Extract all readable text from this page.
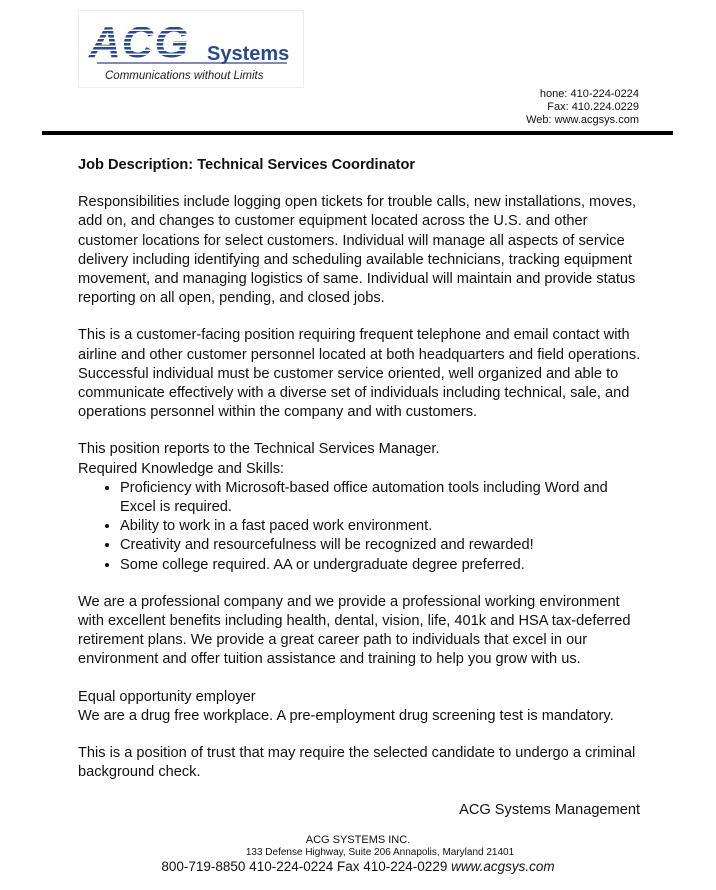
ACG Systems
Communications without Limits
hone: 410-224-0224
Fax: 410.224.0229
Web: www.acgsys.com
Job Description: Technical Services Coordinator
Responsibilities include logging open tickets for trouble calls, new installations, moves,
add on, and changes to customer equipment located across the U.S. and other
customer locations for select customers. Individual will manage all aspects of service
delivery including identifying and scheduling available technicians, tracking equipment
movement, and managing logistics of same. Individual will maintain and provide status
reporting on all open, pending, and closed jobs.
This is a customer-facing position requiring frequent telephone and email contact with
airline and other customer personnel located at both headquarters and field operations.
Successful individual must be customer service oriented, well organized and able to
communicate effectively with a diverse set of individuals including technical, sale, and
operations personnel within the company and with customers.
This position reports to the Technical Services Manager.
Required Knowledge and Skills:
• Proficiency with Microsoft-based office automation tools including Word and Excel is required.
• Ability to work in a fast paced work environment.
• Creativity and resourcefulness will be recognized and rewarded!
• Some college required. AA or undergraduate degree preferred.
We are a professional company and we provide a professional working environment
with excellent benefits including health, dental, vision, life, 401k and HSA tax-deferred
retirement plans. We provide a great career path to individuals that excel in our
environment and offer tuition assistance and training to help you grow with us.
Equal opportunity employer
We are a drug free workplace. A pre-employment drug screening test is mandatory.
This is a position of trust that may require the selected candidate to undergo a criminal
background check.
ACG Systems Management
ACG SYSTEMS INC.
133 Defense Highway, Suite 206 Annapolis, Maryland 21401
800-719-8850 410-224-0224 Fax 410-224-0229 www.acgsys.com
